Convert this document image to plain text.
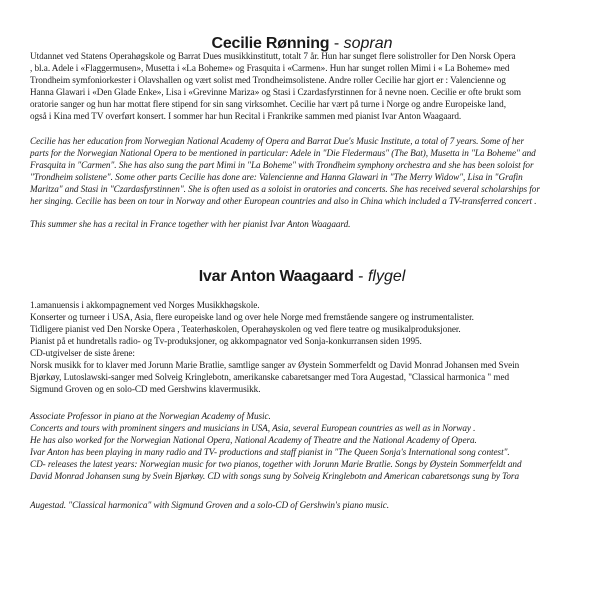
Cecilie Rønning - sopran
Utdannet ved Statens Operahøgskole og Barrat Dues musikkinstitutt, totalt 7 år. Hun har sunget flere solistroller for Den Norsk Opera
, bl.a. Adele i «Flaggermusen», Musetta i «La Boheme» og Frasquita i «Carmen». Hun har sunget rollen Mimi i « La Boheme» med
Trondheim symfoniorkester i Olavshallen og vært solist med Trondheimsolistene. Andre roller Cecilie har gjort er : Valencienne og
Hanna Glawari i «Den Glade Enke», Lisa i «Grevinne Mariza» og Stasi i Czardasfyrstinnen for å nevne noen. Cecilie er ofte brukt som
oratorie sanger og hun har mottat flere stipend for sin sang virksomhet. Cecilie har vært på turne i Norge og andre Europeiske land,
også i Kina med TV overført konsert. I sommer har hun Recital i Frankrike sammen med pianist Ivar Anton Waagaard.
Cecilie has her education from Norwegian National Academy of Opera and Barrat Due's Music Institute, a total of 7 years. Some of her
parts for the Norwegian National Opera to be mentioned in particular: Adele in "Die Fledermaus" (The Bat), Musetta in "La Boheme" and
Frasquita in "Carmen". She has also sung the part Mimi in "La Boheme" with Trondheim symphony orchestra and she has been soloist for
"Trondheim solistene". Some other parts Cecilie has done are: Valencienne and Hanna Glawari in "The Merry Widow", Lisa in "Grafin
Maritza" and Stasi in "Czardasfyrstinnen". She is often used as a soloist in oratories and concerts. She has received several scholarships for
her singing. Cecilie has been on tour in Norway and other European countries and also in China which included a TV-transferred concert .
This summer she has a recital in France together with her pianist Ivar Anton Waagaard.
Ivar Anton Waagaard - flygel
1.amanuensis i akkompagnement ved Norges Musikkhøgskole.
Konserter og turneer i USA, Asia, flere europeiske land og over hele Norge med fremstående sangere og instrumentalister.
Tidligere pianist ved Den Norske Opera , Teaterhøskolen, Operahøyskolen og ved flere teatre og musikalproduksjoner.
Pianist på et hundretalls radio- og Tv-produksjoner, og akkompagnator ved Sonja-konkurransen siden 1995.
CD-utgivelser de siste årene:
Norsk musikk for to klaver med Jorunn Marie Bratlie, samtlige sanger av Øystein Sommerfeldt og David Monrad Johansen med Svein
Bjørkøy, Lutoslawski-sanger med Solveig Kringlebotn, amerikanske cabaretsanger med Tora Augestad, "Classical harmonica " med
Sigmund Groven og en solo-CD med Gershwins klavermusikk.
Associate Professor in piano at the Norwegian Academy of Music.
Concerts and tours with prominent singers and musicians in USA, Asia, several European countries as well as in Norway .
He has also worked for the Norwegian National Opera, National Academy of Theatre and the National Academy of Opera.
Ivar Anton has been playing in many radio and TV- productions and staff pianist in "The Queen Sonja's International song contest".
CD- releases the latest years: Norwegian music for two pianos, together with Jorunn Marie Bratlie. Songs by Øystein Sommerfeldt and
David Monrad Johansen sung by Svein Bjørkøy. CD with songs sung by Solveig Kringlebotn and American cabaretsongs sung by Tora
Augestad. "Classical harmonica" with Sigmund Groven and a solo-CD of Gershwin's piano music.
